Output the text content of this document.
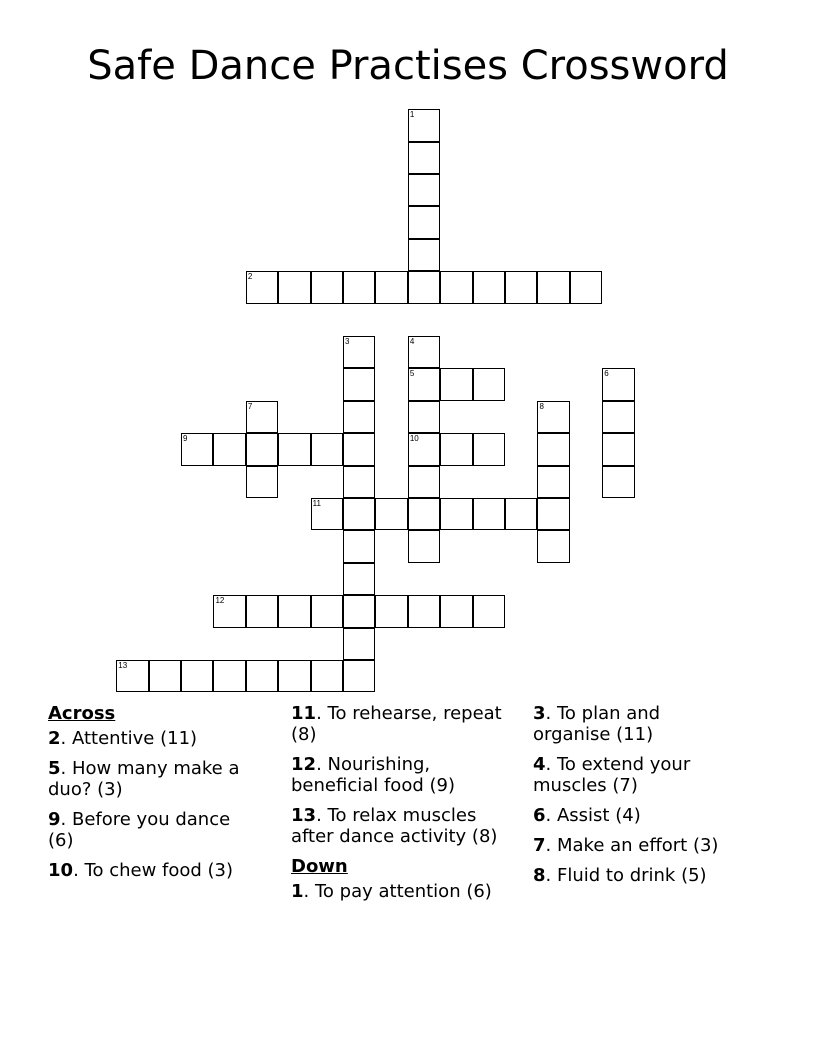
Safe Dance Practises Crossword
1
2
3	4
5
10
6
7	8
9
11
12
13
Across
2. Attentive (11)
5. How many make a duo? (3)
9. Before you dance (6)
10. To chew food (3)
11. To rehearse, repeat (8)
12. Nourishing, beneficial food (9)
13. To relax muscles after dance activity (8)
Down
1. To pay attention (6)
3. To plan and organise (11)
4. To extend your muscles (7)
6. Assist (4)
7. Make an effort (3)
8. Fluid to drink (5)
